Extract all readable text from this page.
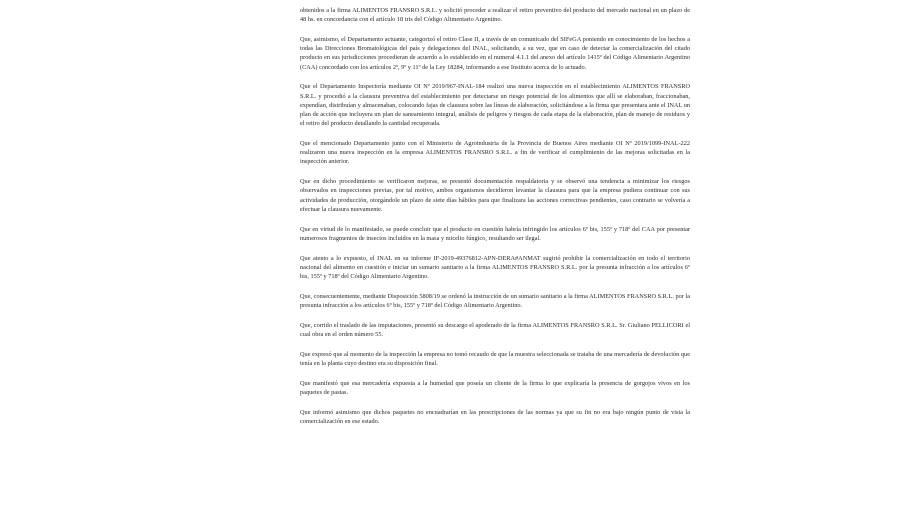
obtenidos a la firma ALIMENTOS FRANSRO S.R.L. y solicitó proceder a realizar el retiro preventivo del producto del mercado nacional en un plazo de 48 hs. en concordancia con el artículo 18 tris del Código Alimentario Argentino.

Que, asimismo, el Departamento actuante, categorizó el retiro Clase II, a través de un comunicado del SIFeGA poniendo en conocimiento de los hechos a todas las Direcciones Bromatológicas del país y delegaciones del INAL, solicitando, a su vez, que en caso de detectar la comercialización del citado producto en sus jurisdicciones procedieran de acuerdo a lo establecido en el numeral 4.1.1 del anexo del artículo 1415º del Código Alimentario Argentino (CAA) concordado con los artículos 2º, 9º y 11º de la Ley 18284, informando a ese Instituto acerca de lo actuado.

Que el Departamento Inspectoría mediante OI Nº 2019/967-INAL-184 realizó una nueva inspección en el establecimiento ALIMENTOS FRANSRO S.R.L. y procedió a la clausura preventiva del establecimiento por detectarse un riesgo potencial de los alimentos que allí se elaboraban, fraccionaban, expendían, distribuían y almacenaban, colocando fajas de clausura sobre las líneas de elaboración, solicitándose a la firma que presentara ante el INAL un plan de acción que incluyera un plan de saneamiento integral, análisis de peligros y riesgos de cada etapa de la elaboración, plan de manejo de residuos y el retiro del producto detallando la cantidad recuperada.

Que el mencionado Departamento junto con el Ministerio de Agroindustria de la Provincia de Buenos Aires mediante OI Nº 2019/1099-INAL-222 realizaron una nueva inspección en la empresa ALIMENTOS FRANSRO S.R.L. a fin de verificar el cumplimiento de las mejoras solicitadas en la inspección anterior.

Que en dicho procedimiento se verificaron mejoras, se presentó documentación respaldatoria y se observó una tendencia a minimizar los riesgos observados en inspecciones previas, por tal motivo, ambos organismos decidieron levantar la clausura para que la empresa pudiera continuar con sus actividades de producción, otorgándole un plazo de siete días hábiles para que finalizara las acciones correctivas pendientes, caso contrario se volvería a efectuar la clausura nuevamente.

Que en virtud de lo manifestado, se puede concluir que el producto en cuestión habría infringido los artículos 6º bis, 155º y 718º del CAA por presentar numerosos fragmentos de insectos incluidos en la masa y micelio fúngico, resultando ser ilegal.

Que atento a lo expuesto, el INAL en su informe IF-2019-49376812-APN-DERA#ANMAT sugirió prohibir la comercialización en todo el territorio nacional del alimento en cuestión e iniciar un sumario sanitario a la firma ALIMENTOS FRANSRO S.R.L. por la presunta infracción a los artículos 6º bis, 155º y 718º del Código Alimentario Argentino.

Que, consecuentemente, mediante Disposición 5808/19 se ordenó la instrucción de un sumario sanitario a la firma ALIMENTOS FRANSRO S.R.L. por la presunta infracción a los artículos 6º bis, 155º y 718º del Código Alimentario Argentino.

Que, corrido el traslado de las imputaciones, presentó su descargo el apoderado de la firma ALIMENTOS FRANSRO S.R.L. Sr. Giuliano PELLICORI el cual obra en el orden número 55.

Que expresó que al momento de la inspección la empresa no tomó recaudo de que la muestra seleccionada se trataba de una mercadería de devolución que tenía en la planta cuyo destino era su disposición final.

Que manifestó que esa mercadería expuesta a la humedad que poseía un cliente de la firma lo que explicaría la presencia de gorgojos vivos en los paquetes de pastas.

Que informó asimismo que dichos paquetes no encuadrarían en las prescripciones de las normas ya que su fin no era bajo ningún punto de vista la comercialización en ese estado.
